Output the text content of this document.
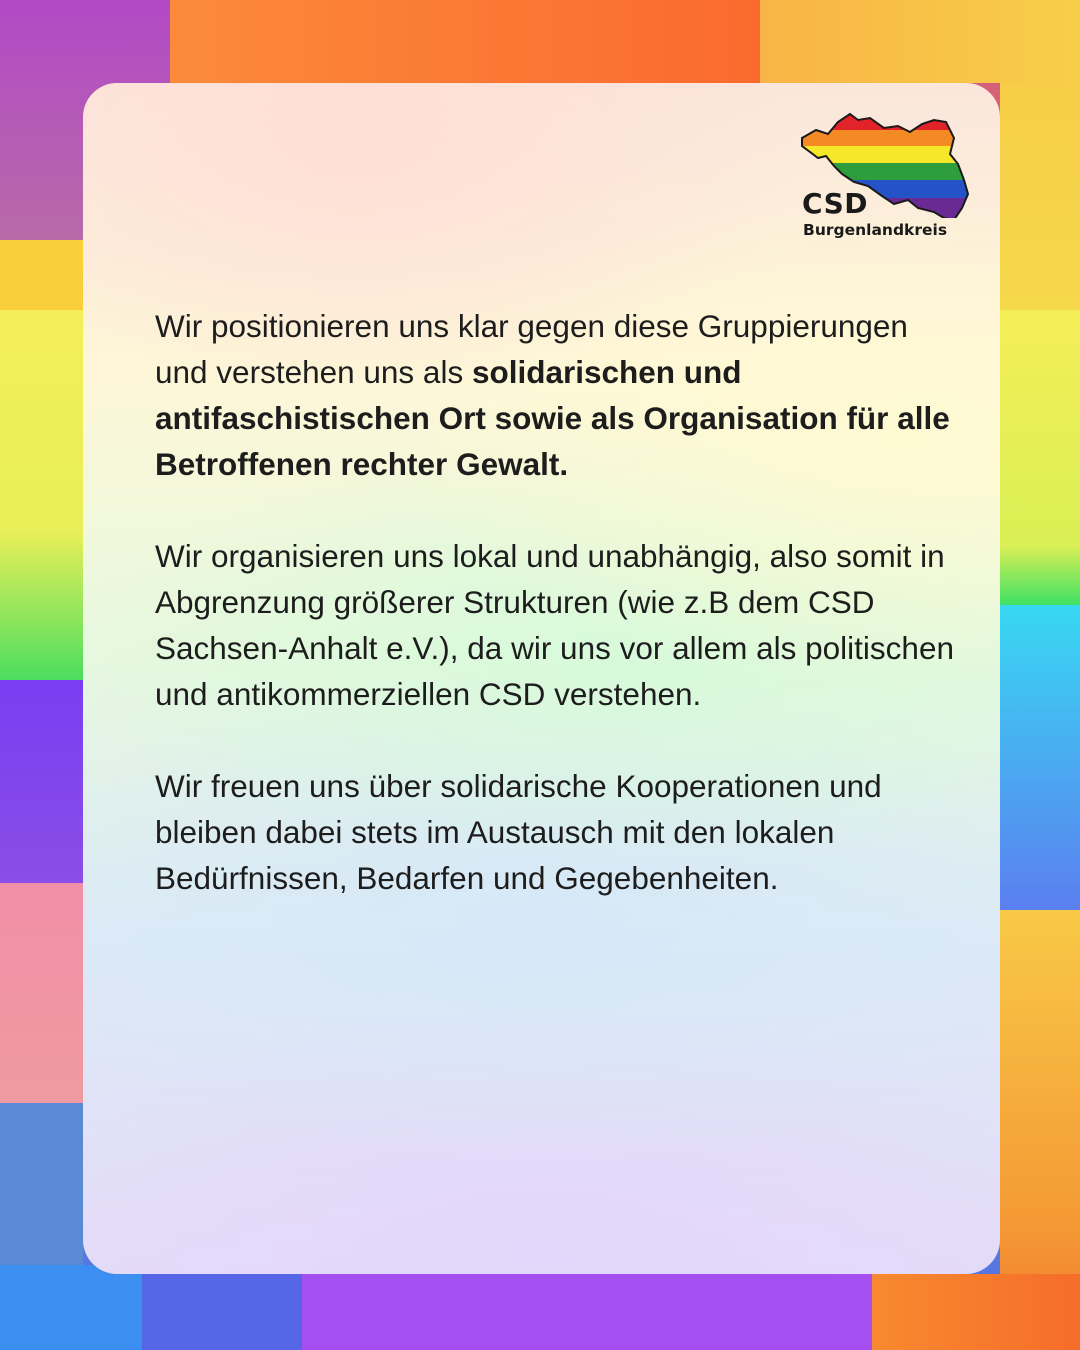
CSD
Burgenlandkreis

Wir positionieren uns klar gegen diese Gruppierungen und verstehen uns als solidarischen und antifaschistischen Ort sowie als Organisation für alle Betroffenen rechter Gewalt.

Wir organisieren uns lokal und unabhängig, also somit in Abgrenzung größerer Strukturen (wie z.B dem CSD Sachsen-Anhalt e.V.), da wir uns vor allem als politischen und antikommerziellen CSD verstehen.

Wir freuen uns über solidarische Kooperationen und bleiben dabei stets im Austausch mit den lokalen Bedürfnissen, Bedarfen und Gegebenheiten.
